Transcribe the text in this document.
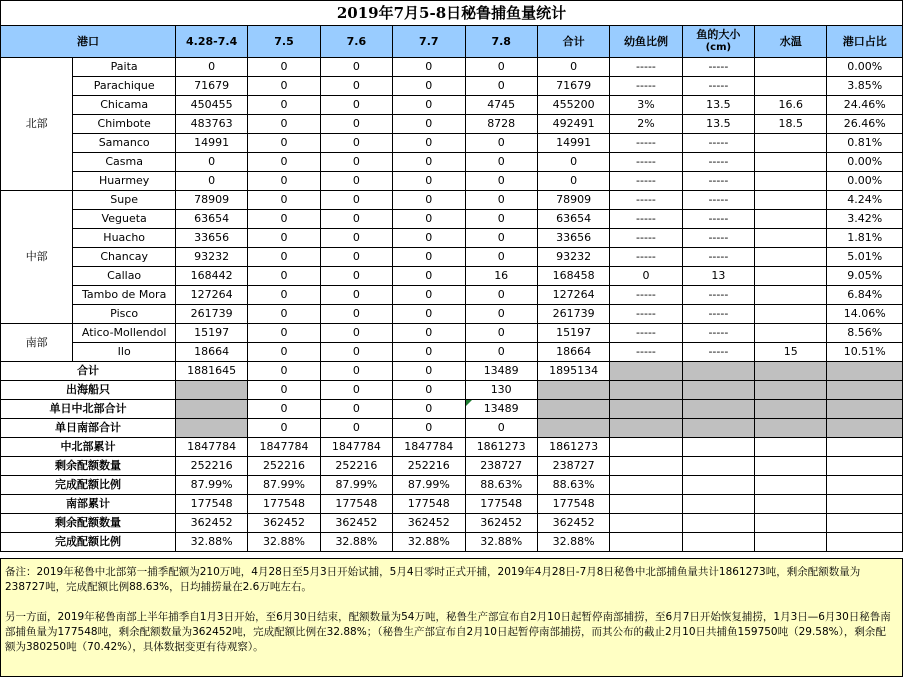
2019年7月5-8日秘鲁捕鱼量统计											
港口		4.28-7.4	7.5	7.6	7.7	7.8	合计	幼鱼比例	鱼的大小
(cm)	水温	港口占比
北部	Paita	0	0	0	0	0	0	-----	-----		0.00%
	Parachique	71679	0	0	0	0	71679	-----	-----		3.85%
	Chicama	450455	0	0	0	4745	455200	3%	13.5	16.6	24.46%
	Chimbote	483763	0	0	0	8728	492491	2%	13.5	18.5	26.46%
	Samanco	14991	0	0	0	0	14991	-----	-----		0.81%
	Casma	0	0	0	0	0	0	-----	-----		0.00%
	Huarmey	0	0	0	0	0	0	-----	-----		0.00%
中部	Supe	78909	0	0	0	0	78909	-----	-----		4.24%
	Vegueta	63654	0	0	0	0	63654	-----	-----		3.42%
	Huacho	33656	0	0	0	0	33656	-----	-----		1.81%
	Chancay	93232	0	0	0	0	93232	-----	-----		5.01%
	Callao	168442	0	0	0	16	168458	0	13		9.05%
	Tambo de Mora	127264	0	0	0	0	127264	-----	-----		6.84%
	Pisco	261739	0	0	0	0	261739	-----	-----		14.06%
南部	Atico-Mollendol	15197	0	0	0	0	15197	-----	-----		8.56%
	Ilo	18664	0	0	0	0	18664	-----	-----	15	10.51%
合计		1881645	0	0	0	13489	1895134				
出海船只			0	0	0	130					
单日中北部合计			0	0	0	13489					
单日南部合计			0	0	0	0					
中北部累计		1847784	1847784	1847784	1847784	1861273	1861273				
剩余配额数量		252216	252216	252216	252216	238727	238727				
完成配额比例		87.99%	87.99%	87.99%	87.99%	88.63%	88.63%				
南部累计		177548	177548	177548	177548	177548	177548				
剩余配额数量		362452	362452	362452	362452	362452	362452				
完成配额比例		32.88%	32.88%	32.88%	32.88%	32.88%	32.88%				

备注：2019年秘鲁中北部第一捕季配额为210万吨，4月28日至5月3日开始试捕，5月4日零时正式开捕，2019年4月28日-7月8日秘鲁中北部捕鱼量共计1861273吨，剩余配额数量为238727吨，完成配额比例88.63%，日均捕捞量在2.6万吨左右。

另一方面，2019年秘鲁南部上半年捕季自1月3日开始，至6月30日结束，配额数量为54万吨，秘鲁生产部宣布自2月10日起暂停南部捕捞，至6月7日开始恢复捕捞，1月3日—6月30日秘鲁南部捕鱼量为177548吨，剩余配额数量为362452吨，完成配额比例在32.88%；（秘鲁生产部宣布自2月10日起暂停南部捕捞，而其公布的截止2月10日共捕鱼159750吨（29.58%），剩余配额为380250吨（70.42%），具体数据变更有待观察）。
